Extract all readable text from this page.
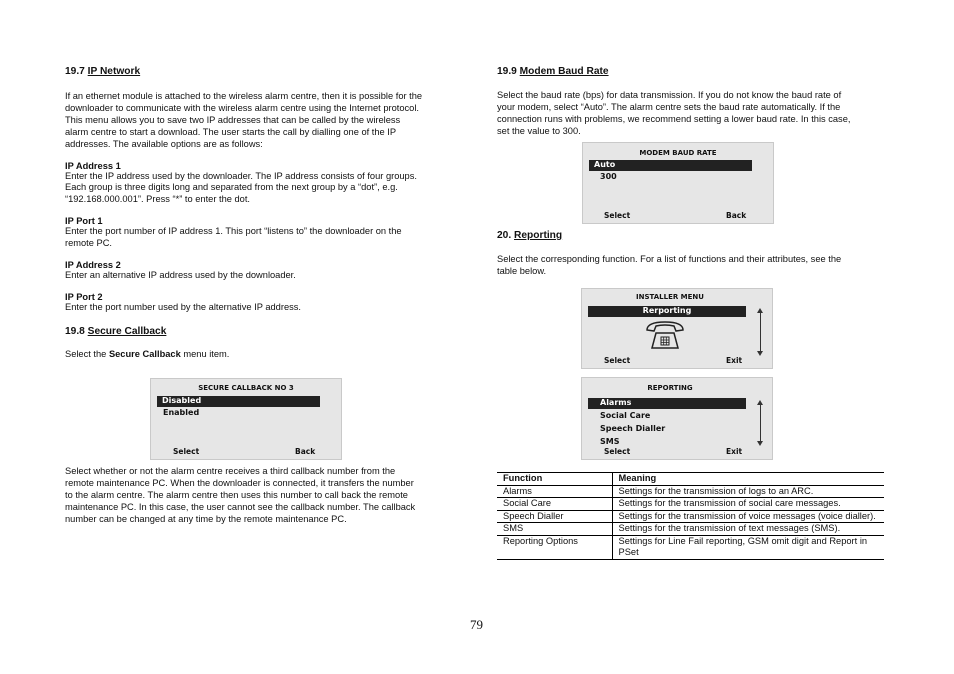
19.7 IP Network

If an ethernet module is attached to the wireless alarm centre, then it is possible for the
downloader to communicate with the wireless alarm centre using the Internet protocol.
This menu allows you to save two IP addresses that can be called by the wireless
alarm centre to start a download. The user starts the call by dialling one of the IP
addresses. The available options are as follows:

IP Address 1

Enter the IP address used by the downloader. The IP address consists of four groups.
Each group is three digits long and separated from the next group by a “dot”, e.g.
“192.168.000.001”. Press “*” to enter the dot.

IP Port 1

Enter the port number of IP address 1. This port “listens to” the downloader on the
remote PC.

IP Address 2

Enter an alternative IP address used by the downloader.

IP Port 2

Enter the port number used by the alternative IP address.

19.8 Secure Callback

Select the Secure Callback menu item.

SECURE CALLBACK NO 3
Disabled
Enabled
Select	Back

Select whether or not the alarm centre receives a third callback number from the
remote maintenance PC. When the downloader is connected, it transfers the number
to the alarm centre. The alarm centre then uses this number to call back the remote
maintenance PC. In this case, the user cannot see the callback number. The callback
number can be changed at any time by the remote maintenance PC.

19.9 Modem Baud Rate

Select the baud rate (bps) for data transmission. If you do not know the baud rate of
your modem, select “Auto”. The alarm centre sets the baud rate automatically. If the
connection runs with problems, we recommend setting a lower baud rate. In this case,
set the value to 300.

MODEM BAUD RATE
Auto
300
Select	Back

20. Reporting

Select the corresponding function. For a list of functions and their attributes, see the
table below.

INSTALLER MENU
Rerporting
Select	Exit
REPORTING
Alarms
Social Care
Speech Dialler
SMS
Select	Exit
Function	Meaning
Alarms	Settings for the transmission of logs to an ARC.
Social Care	Settings for the transmission of social care messages.
Speech Dialler	Settings for the transmission of voice messages (voice dialler).
SMS	Settings for the transmission of text messages (SMS).
Reporting Options	Settings for Line Fail reporting, GSM omit digit and Report in PSet
79
